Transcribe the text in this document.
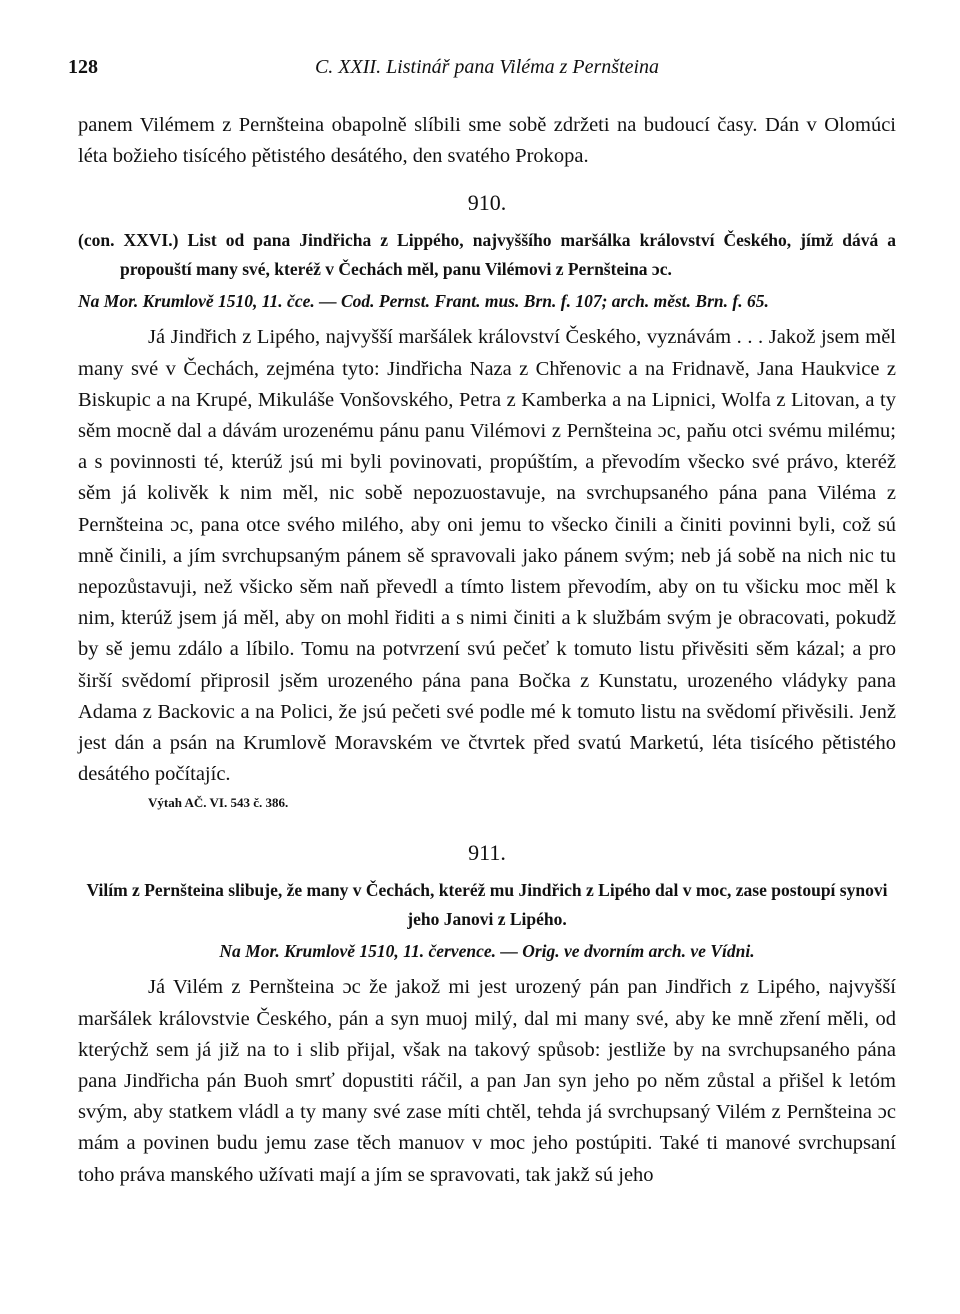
128	C. XXII. Listinář pana Viléma z Pernšteina

panem Vilémem z Pernšteina obapolně slíbili sme sobě zdržeti na budoucí časy. Dán v Olomúci léta božieho tisícého pětistého desátého, den svatého Prokopa.

910.

(con. XXVI.) List od pana Jindřicha z Lippého, najvyššího maršálka království Českého, jímž dává a propouští many své, kteréž v Čechách měl, panu Vilémovi z Pernšteina ɔc.

Na Mor. Krumlově 1510, 11. čce. — Cod. Pernst. Frant. mus. Brn. f. 107; arch. měst. Brn. f. 65.

Já Jindřich z Lipého, najvyšší maršálek království Českého, vyznávám . . . Jakož jsem měl many své v Čechách, zejména tyto: Jindřicha Naza z Chřenovic a na Fridnavě, Jana Haukvice z Biskupic a na Krupé, Mikuláše Vonšovského, Petra z Kamberka a na Lipnici, Wolfa z Litovan, a ty sěm mocně dal a dávám urozenému pánu panu Vilémovi z Pernšteina ɔc, paňu otci svému milému; a s povinnosti té, kterúž jsú mi byli povinovati, propúštím, a převodím všecko své právo, kteréž sěm já kolivěk k nim měl, nic sobě nepozuostavuje, na svrchupsaného pána pana Viléma z Pernšteina ɔc, pana otce svého milého, aby oni jemu to všecko činili a činiti povinni byli, což sú mně činili, a jím svrchupsaným pánem sě spravovali jako pánem svým; neb já sobě na nich nic tu nepozůstavuji, než všicko sěm naň převedl a tímto listem převodím, aby on tu všicku moc měl k nim, kterúž jsem já měl, aby on mohl řiditi a s nimi činiti a k službám svým je obracovati, pokudž by sě jemu zdálo a líbilo. Tomu na potvrzení svú pečeť k tomuto listu přivěsiti sěm kázal; a pro širší svědomí připrosil jsěm urozeného pána pana Bočka z Kunstatu, urozeného vládyky pana Adama z Backovic a na Polici, že jsú pečeti své podle mé k tomuto listu na svědomí přivěsili. Jenž jest dán a psán na Krumlově Moravském ve čtvrtek před svatú Marketú, léta tisícého pětistého desátého počítajíc.

Výtah AČ. VI. 543 č. 386.
911.

Vilím z Pernšteina slibuje, že many v Čechách, kteréž mu Jindřich z Lipého dal v moc, zase postoupí synovi jeho Janovi z Lipého.

Na Mor. Krumlově 1510, 11. července. — Orig. ve dvorním arch. ve Vídni.

Já Vilém z Pernšteina ɔc že jakož mi jest urozený pán pan Jindřich z Lipého, najvyšší maršálek královstvie Českého, pán a syn muoj milý, dal mi many své, aby ke mně zření měli, od kterýchž sem já již na to i slib přijal, však na takový spůsob: jestliže by na svrchupsaného pána pana Jindřicha pán Buoh smrť dopustiti ráčil, a pan Jan syn jeho po něm zůstal a přišel k letóm svým, aby statkem vládl a ty many své zase míti chtěl, tehda já svrchupsaný Vilém z Pernšteina ɔc mám a povinen budu jemu zase těch manuov v moc jeho postúpiti. Také ti manové svrchupsaní toho práva manského užívati mají a jím se spravovati, tak jakž sú jeho
